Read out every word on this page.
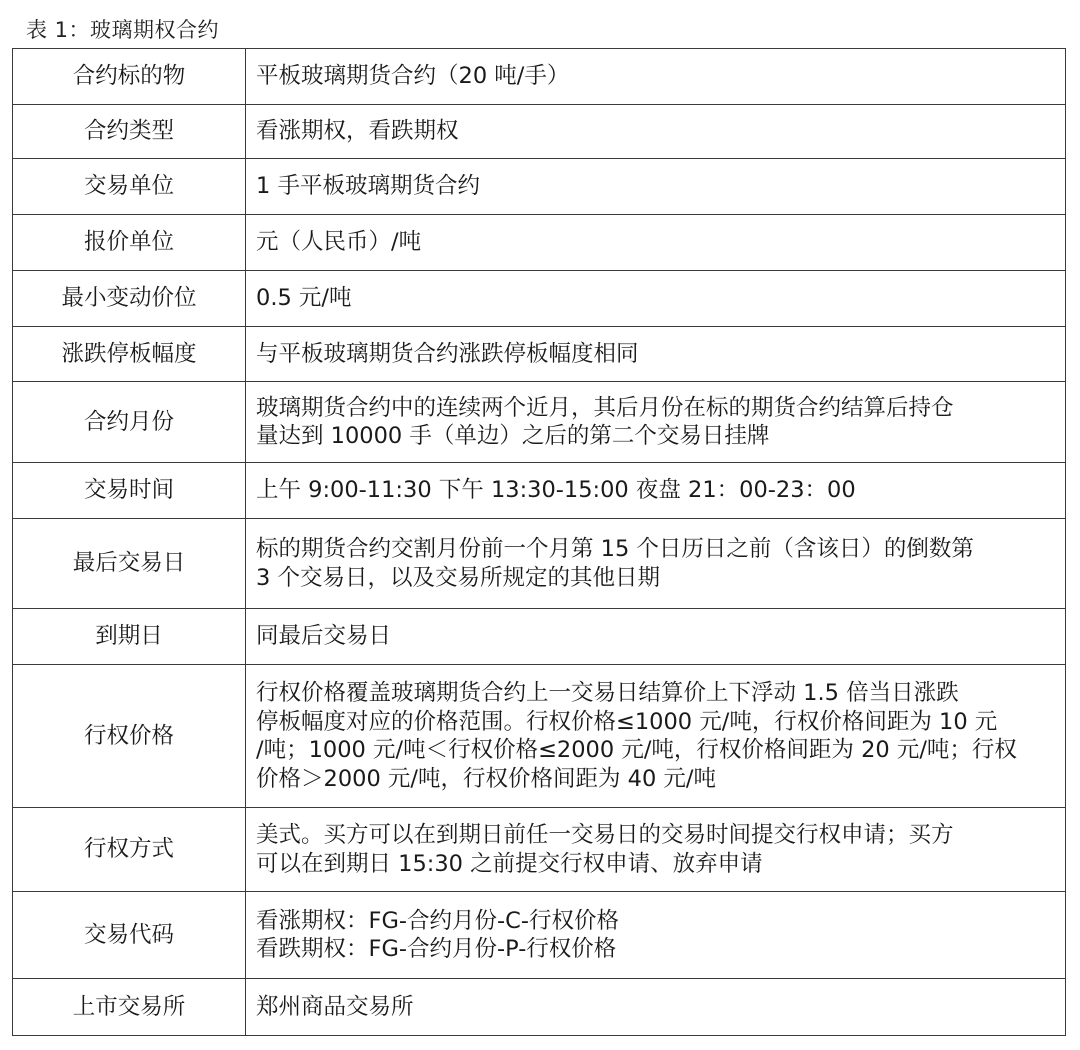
表 1：玻璃期权合约
合约标的物	平板玻璃期货合约（20 吨/手）

合约类型	看涨期权，看跌期权

交易单位	1 手平板玻璃期货合约

报价单位	元（人民币）/吨

最小变动价位	0.5 元/吨

涨跌停板幅度	与平板玻璃期货合约涨跌停板幅度相同

合约月份	玻璃期货合约中的连续两个近月，其后月份在标的期货合约结算后持仓
量达到 10000 手（单边）之后的第二个交易日挂牌

交易时间	上午 9:00-11:30 下午 13:30-15:00 夜盘 21：00-23：00

最后交易日	标的期货合约交割月份前一个月第 15 个日历日之前（含该日）的倒数第
3 个交易日，以及交易所规定的其他日期

到期日	同最后交易日

行权价格	行权价格覆盖玻璃期货合约上一交易日结算价上下浮动 1.5 倍当日涨跌
停板幅度对应的价格范围。行权价格≤1000 元/吨，行权价格间距为 10 元
/吨；1000 元/吨＜行权价格≤2000 元/吨，行权价格间距为 20 元/吨；行权
价格＞2000 元/吨，行权价格间距为 40 元/吨

行权方式	美式。买方可以在到期日前任一交易日的交易时间提交行权申请；买方
可以在到期日 15:30 之前提交行权申请、放弃申请

交易代码	看涨期权：FG-合约月份-C-行权价格
看跌期权：FG-合约月份-P-行权价格

上市交易所	郑州商品交易所
